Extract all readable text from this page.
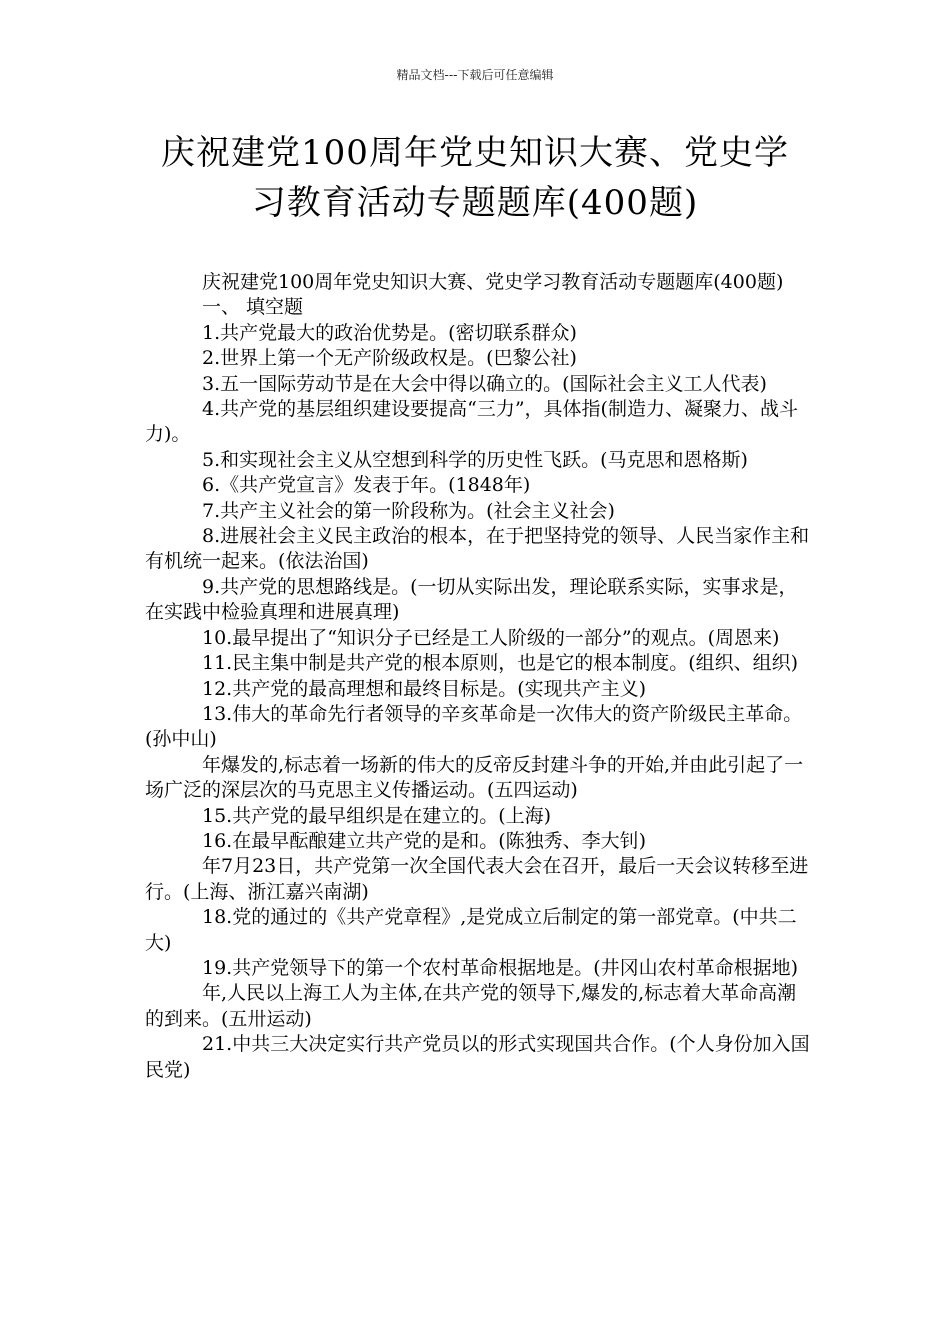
精品文档---下载后可任意编辑
庆祝建党100周年党史知识大赛、党史学
习教育活动专题题库(400题)

庆祝建党100周年党史知识大赛、党史学习教育活动专题题库(400题)

一、 填空题

1.共产党最大的政治优势是。(密切联系群众)

2.世界上第一个无产阶级政权是。(巴黎公社)

3.五一国际劳动节是在大会中得以确立的。(国际社会主义工人代表)

4.共产党的基层组织建设要提高“三力”，具体指(制造力、凝聚力、战斗力)。

5.和实现社会主义从空想到科学的历史性飞跃。(马克思和恩格斯)

6.《共产党宣言》发表于年。(1848年)

7.共产主义社会的第一阶段称为。(社会主义社会)

8.进展社会主义民主政治的根本，在于把坚持党的领导、人民当家作主和有机统一起来。(依法治国)

9.共产党的思想路线是。(一切从实际出发，理论联系实际，实事求是，在实践中检验真理和进展真理)

10.最早提出了“知识分子已经是工人阶级的一部分”的观点。(周恩来)

11.民主集中制是共产党的根本原则，也是它的根本制度。(组织、组织)

12.共产党的最高理想和最终目标是。(实现共产主义)

13.伟大的革命先行者领导的辛亥革命是一次伟大的资产阶级民主革命。(孙中山)

年爆发的,标志着一场新的伟大的反帝反封建斗争的开始,并由此引起了一场广泛的深层次的马克思主义传播运动。(五四运动)

15.共产党的最早组织是在建立的。(上海)

16.在最早酝酿建立共产党的是和。(陈独秀、李大钊)

年7月23日，共产党第一次全国代表大会在召开，最后一天会议转移至进行。(上海、浙江嘉兴南湖)

18.党的通过的《共产党章程》,是党成立后制定的第一部党章。(中共二大)

19.共产党领导下的第一个农村革命根据地是。(井冈山农村革命根据地)

年,人民以上海工人为主体,在共产党的领导下,爆发的,标志着大革命高潮的到来。(五卅运动)

21.中共三大决定实行共产党员以的形式实现国共合作。(个人身份加入国民党)
